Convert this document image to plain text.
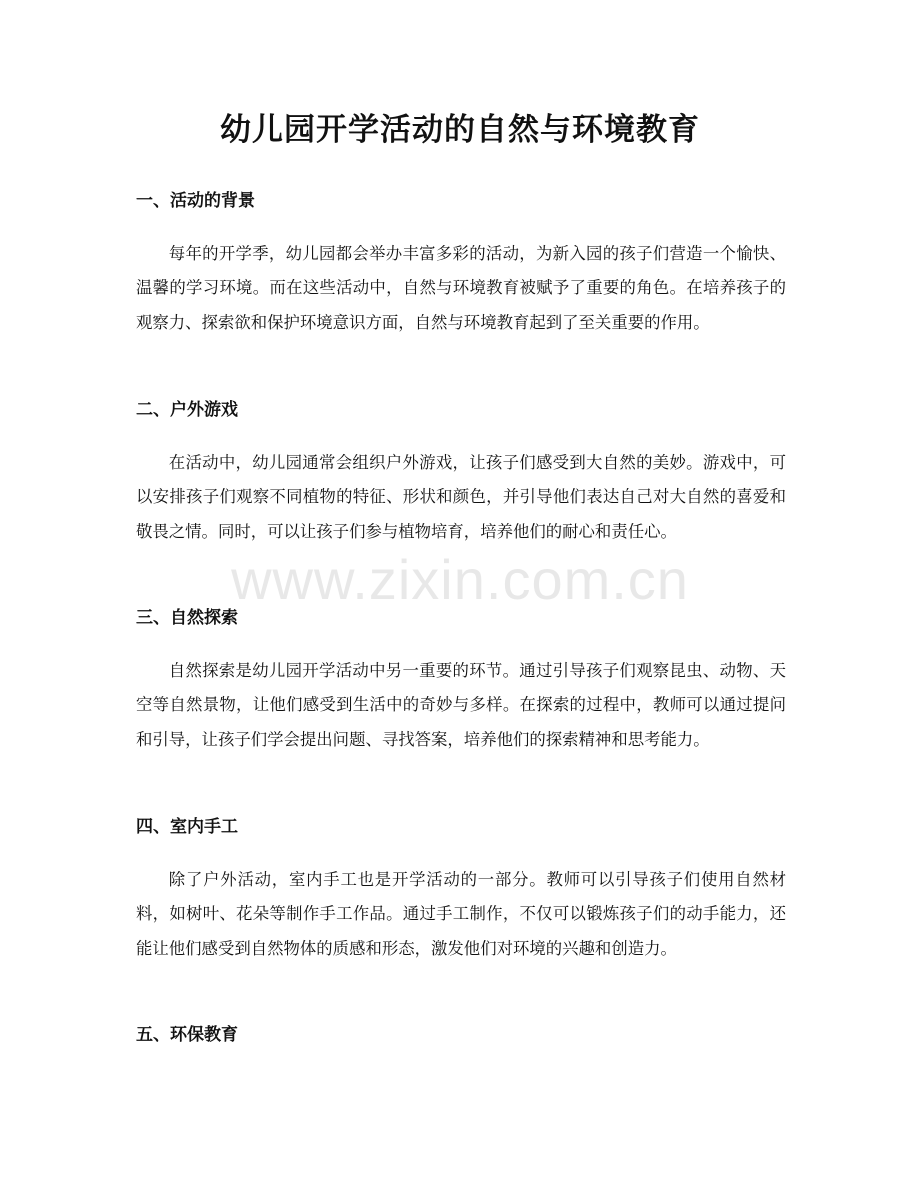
幼儿园开学活动的自然与环境教育
一、活动的背景

每年的开学季，幼儿园都会举办丰富多彩的活动，为新入园的孩子们营造一个愉快、温馨的学习环境。而在这些活动中，自然与环境教育被赋予了重要的角色。在培养孩子的观察力、探索欲和保护环境意识方面，自然与环境教育起到了至关重要的作用。

二、户外游戏

在活动中，幼儿园通常会组织户外游戏，让孩子们感受到大自然的美妙。游戏中，可以安排孩子们观察不同植物的特征、形状和颜色，并引导他们表达自己对大自然的喜爱和敬畏之情。同时，可以让孩子们参与植物培育，培养他们的耐心和责任心。

三、自然探索

自然探索是幼儿园开学活动中另一重要的环节。通过引导孩子们观察昆虫、动物、天空等自然景物，让他们感受到生活中的奇妙与多样。在探索的过程中，教师可以通过提问和引导，让孩子们学会提出问题、寻找答案，培养他们的探索精神和思考能力。

四、室内手工

除了户外活动，室内手工也是开学活动的一部分。教师可以引导孩子们使用自然材料，如树叶、花朵等制作手工作品。通过手工制作，不仅可以锻炼孩子们的动手能力，还能让他们感受到自然物体的质感和形态，激发他们对环境的兴趣和创造力。

五、环保教育
www.zixin.com.cn
